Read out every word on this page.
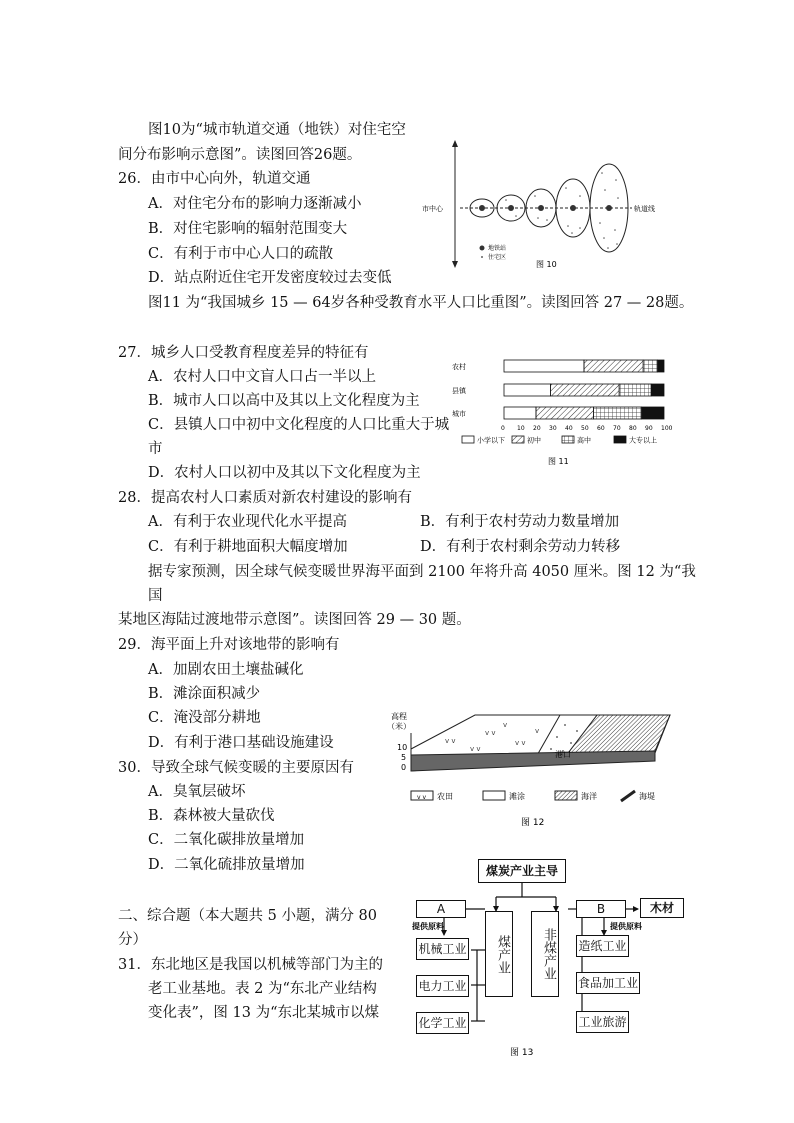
图10为“城市轨道交通（地铁）对住宅空
间分布影响示意图”。读图回答26题。
26．由市中心向外，轨道交通
A．对住宅分布的影响力逐渐减小
B．对住宅影响的辐射范围变大
C．有利于市中心人口的疏散
D．站点附近住宅开发密度较过去变低
市中心	轨道线
地铁站
住宅区
图 10
图11 为“我国城乡 15 — 64岁各种受教育水平人口比重图”。读图回答 27 — 28题。
27．城乡人口受教育程度差异的特征有
A．农村人口中文盲人口占一半以上
B．城市人口以高中及其以上文化程度为主
C．县镇人口中初中文化程度的人口比重大于城
市
D．农村人口以初中及其以下文化程度为主
农村
县镇
城市
0 10 20 30 40 50 60 70 80 90 100
小学以下	初中	高中	大专以上
图 11
28．提高农村人口素质对新农村建设的影响有
A．有利于农业现代化水平提高	B．有利于农村劳动力数量增加
C．有利于耕地面积大幅度增加	D．有利于农村剩余劳动力转移
据专家预测，因全球气候变暖世界海平面到 2100 年将升高 4050 厘米。图 12 为“我
国
某地区海陆过渡地带示意图”。读图回答 29 — 30 题。
29．海平面上升对该地带的影响有
A．加剧农田土壤盐碱化
B．滩涂面积减少
C．淹没部分耕地
D．有利于港口基础设施建设
30．导致全球气候变暖的主要原因有
A．臭氧层破坏
B．森林被大量砍伐
C．二氧化碳排放量增加
D．二氧化硫排放量增加
高程
（米）
10
5
0
v v
v v
v v
v v
v
v
港口
v v 农田	滩涂	海洋	海堤
图 12
二、综合题（本大题共 5 小题，满分 80
分）
31．东北地区是我国以机械等部门为主的
老工业基地。表 2 为“东北产业结构
变化表”，图 13 为“东北某城市以煤
提供原料	提供原料
图 13
煤炭产业主导
A
机械工业
电力工业
化学工业
煤产业	非煤产业
B	木材
造纸工业
食品加工业
工业旅游
